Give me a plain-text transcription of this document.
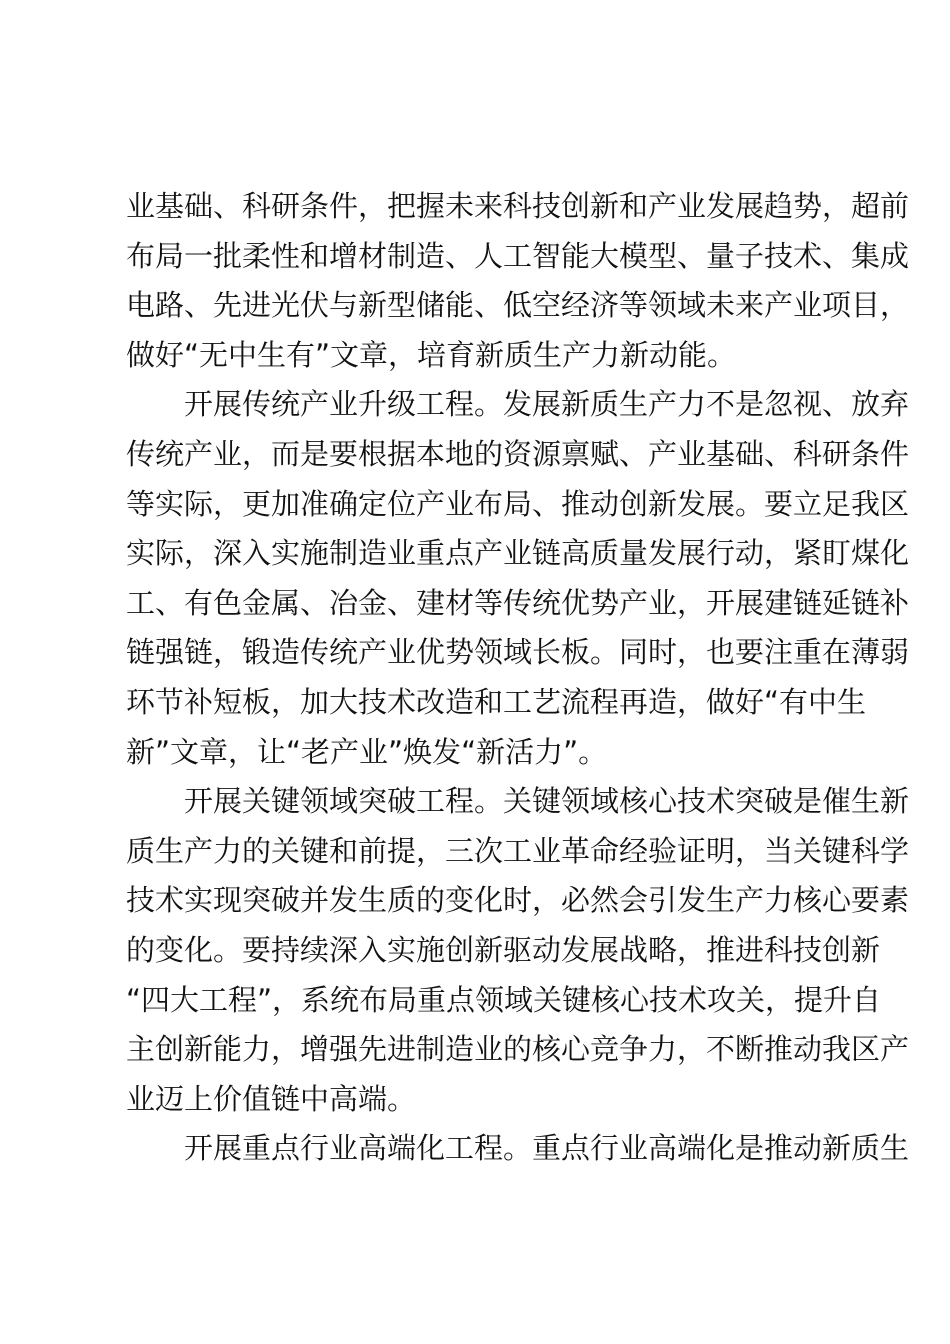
业基础、科研条件，把握未来科技创新和产业发展趋势，超前
布局一批柔性和增材制造、人工智能大模型、量子技术、集成
电路、先进光伏与新型储能、低空经济等领域未来产业项目，
做好“无中生有”文章，培育新质生产力新动能。
开展传统产业升级工程。发展新质生产力不是忽视、放弃
传统产业，而是要根据本地的资源禀赋、产业基础、科研条件
等实际，更加准确定位产业布局、推动创新发展。要立足我区
实际，深入实施制造业重点产业链高质量发展行动，紧盯煤化
工、有色金属、冶金、建材等传统优势产业，开展建链延链补
链强链，锻造传统产业优势领域长板。同时，也要注重在薄弱
环节补短板，加大技术改造和工艺流程再造，做好“有中生
新”文章，让“老产业”焕发“新活力”。
开展关键领域突破工程。关键领域核心技术突破是催生新
质生产力的关键和前提，三次工业革命经验证明，当关键科学
技术实现突破并发生质的变化时，必然会引发生产力核心要素
的变化。要持续深入实施创新驱动发展战略，推进科技创新
“四大工程”，系统布局重点领域关键核心技术攻关，提升自
主创新能力，增强先进制造业的核心竞争力，不断推动我区产
业迈上价值链中高端。
开展重点行业高端化工程。重点行业高端化是推动新质生
